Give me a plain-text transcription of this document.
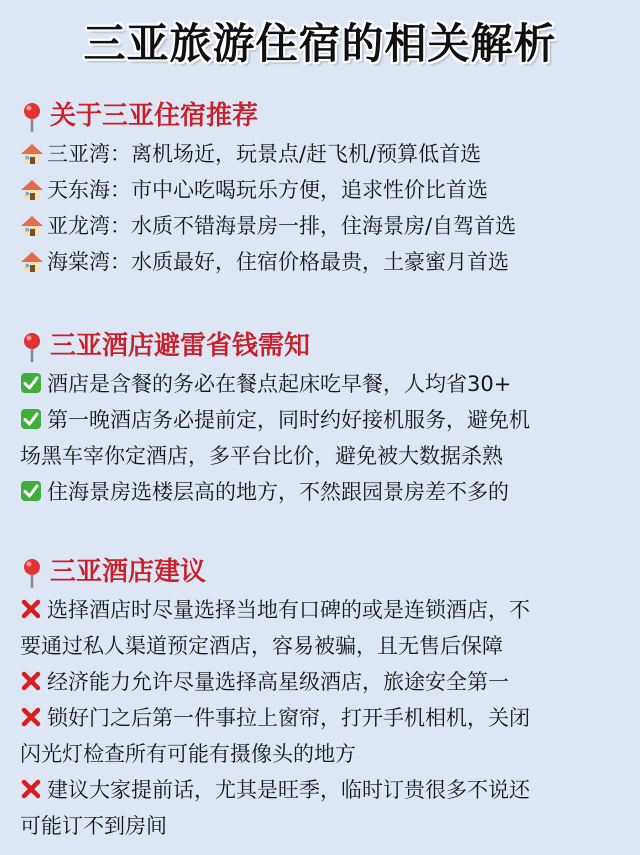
三亚旅游住宿的相关解析
关于三亚住宿推荐
三亚湾：离机场近，玩景点/赶飞机/预算低首选
天东海：市中心吃喝玩乐方便，追求性价比首选
亚龙湾：水质不错海景房一排，住海景房/自驾首选
海棠湾：水质最好，住宿价格最贵，土豪蜜月首选
三亚酒店避雷省钱需知
酒店是含餐的务必在餐点起床吃早餐，人均省30+
第一晚酒店务必提前定，同时约好接机服务，避免机
场黑车宰你定酒店，多平台比价，避免被大数据杀熟
住海景房选楼层高的地方，不然跟园景房差不多的
三亚酒店建议
选择酒店时尽量选择当地有口碑的或是连锁酒店，不
要通过私人渠道预定酒店，容易被骗，且无售后保障
经济能力允许尽量选择高星级酒店，旅途安全第一
锁好门之后第一件事拉上窗帘，打开手机相机，关闭
闪光灯检查所有可能有摄像头的地方
建议大家提前话，尤其是旺季，临时订贵很多不说还
可能订不到房间
